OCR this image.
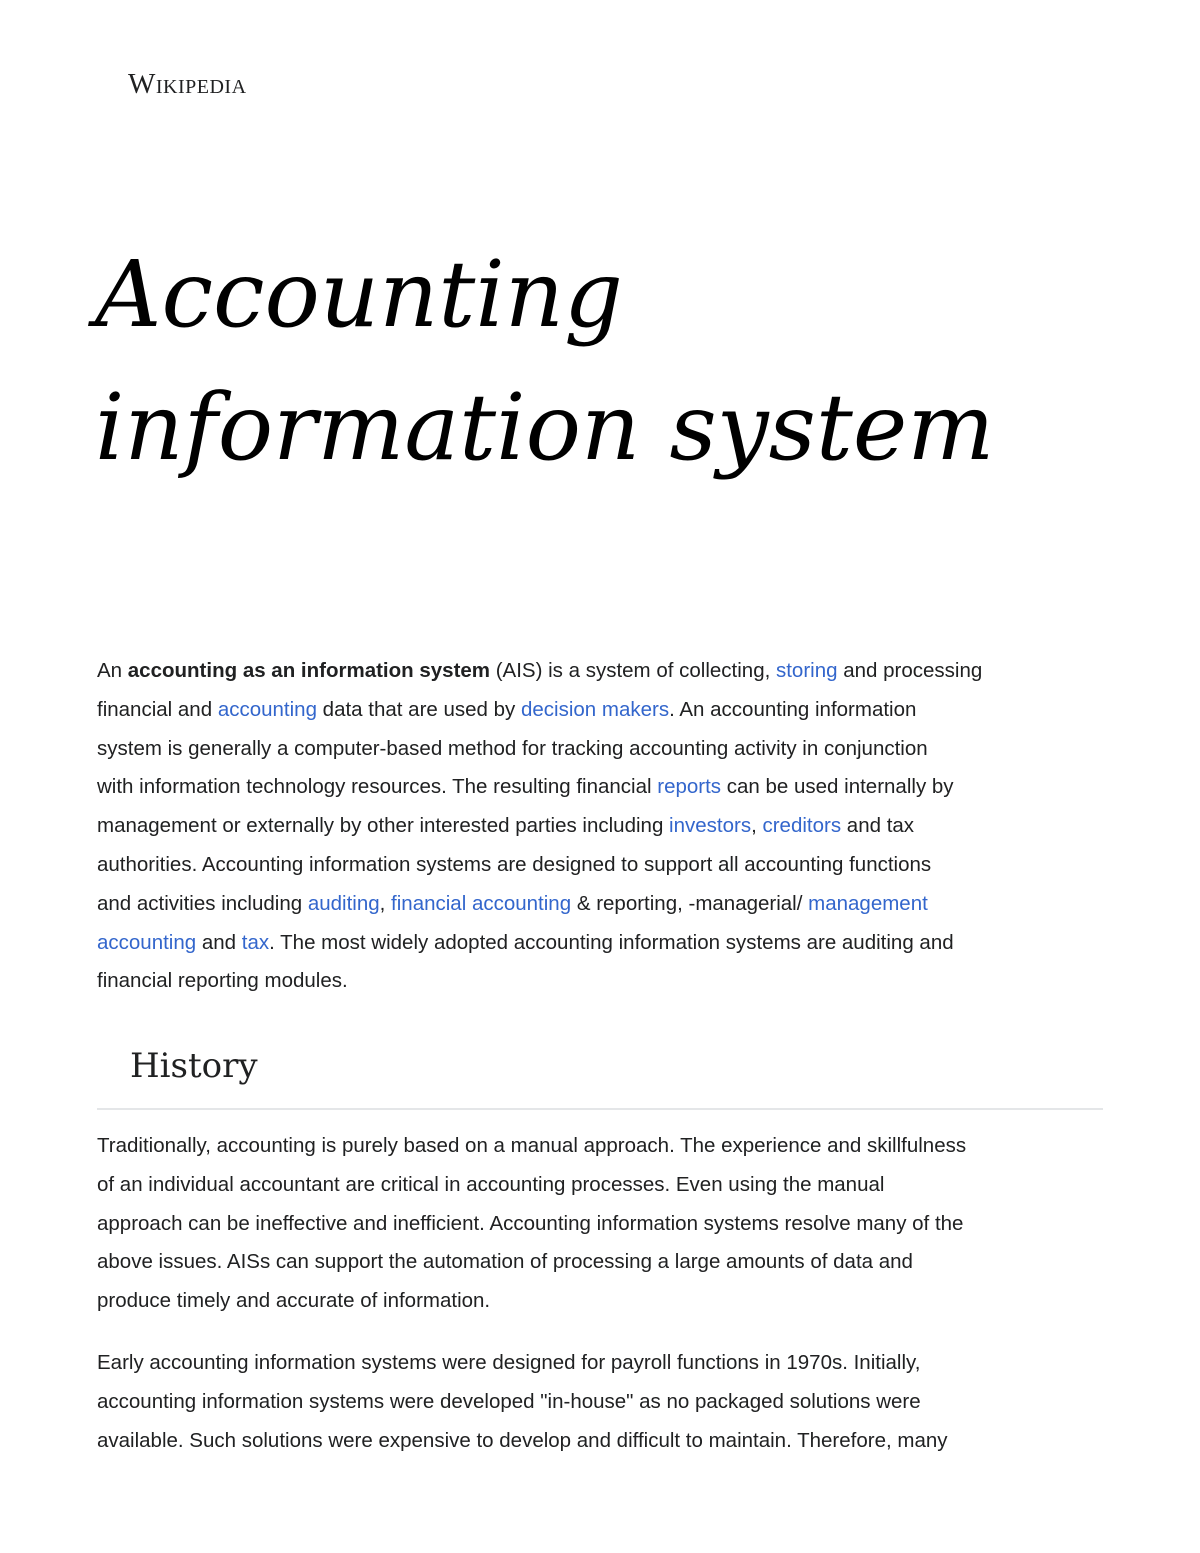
Wikipedia
Accounting
information system

An accounting as an information system (AIS) is a system of collecting, storing and processing
financial and accounting data that are used by decision makers. An accounting information
system is generally a computer-based method for tracking accounting activity in conjunction
with information technology resources. The resulting financial reports can be used internally by
management or externally by other interested parties including investors, creditors and tax
authorities. Accounting information systems are designed to support all accounting functions
and activities including auditing, financial accounting & reporting, -managerial/ management
accounting and tax. The most widely adopted accounting information systems are auditing and
financial reporting modules.

History
Traditionally, accounting is purely based on a manual approach. The experience and skillfulness
of an individual accountant are critical in accounting processes. Even using the manual
approach can be ineffective and inefficient. Accounting information systems resolve many of the
above issues. AISs can support the automation of processing a large amounts of data and
produce timely and accurate of information.
Early accounting information systems were designed for payroll functions in 1970s. Initially,
accounting information systems were developed "in-house" as no packaged solutions were
available. Such solutions were expensive to develop and difficult to maintain. Therefore, many
